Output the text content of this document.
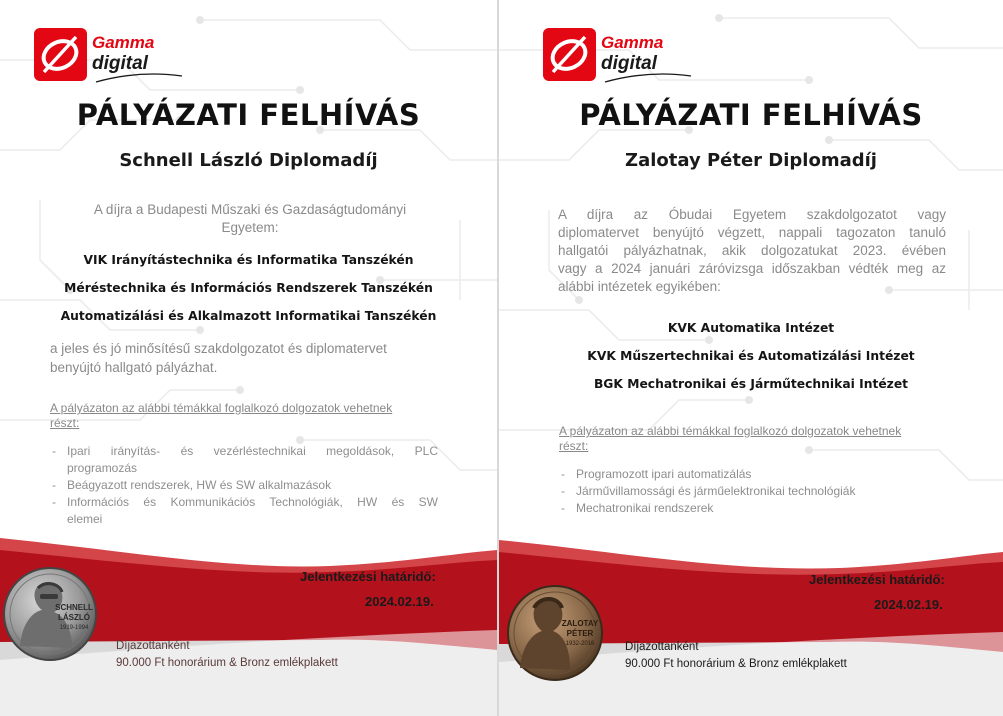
Gamma
digital
PÁLYÁZATI FELHÍVÁS
Schnell László Diplomadíj
A díjra a Budapesti Műszaki és Gazdaságtudományi
Egyetem:
VIK Irányítástechnika és Informatika Tanszékén
Méréstechnika és Információs Rendszerek Tanszékén
Automatizálási és Alkalmazott Informatikai Tanszékén
a jeles és jó minősítésű szakdolgozatot és diplomatervet
benyújtó hallgató pályázhat.
A pályázaton az alábbi témákkal foglalkozó dolgozatok vehetnek
részt:
- Ipari irányítás- és vezérléstechnikai megoldások, PLC
programozás
- Beágyazott rendszerek, HW és SW alkalmazások
- Információs és Kommunikációs Technológiák, HW és SW
elemei
Jelentkezési határidő:
2024.02.19.
SCHNELL
LÁSZLÓ
1919-1994
Díjazottanként
90.000 Ft honorárium & Bronz emlékplakett
Gamma
digital
PÁLYÁZATI FELHÍVÁS
Zalotay Péter Diplomadíj
A díjra az Óbudai Egyetem szakdolgozatot vagy
diplomatervet benyújtó végzett, nappali tagozaton tanuló
hallgatói pályázhatnak, akik dolgozatukat 2023. évében
vagy a 2024 januári záróvizsga időszakban védték meg az
alábbi intézetek egyikében:
KVK Automatika Intézet
KVK Műszertechnikai és Automatizálási Intézet
BGK Mechatronikai és Járműtechnikai Intézet
A pályázaton az alábbi témákkal foglalkozó dolgozatok vehetnek
részt:
- Programozott ipari automatizálás
- Járművillamossági és járműelektronikai technológiák
- Mechatronikai rendszerek
Jelentkezési határidő:
2024.02.19.
ZALOTAY
PÉTER
1932-2016	Díjazottanként
90.000 Ft honorárium & Bronz emlékplakett
